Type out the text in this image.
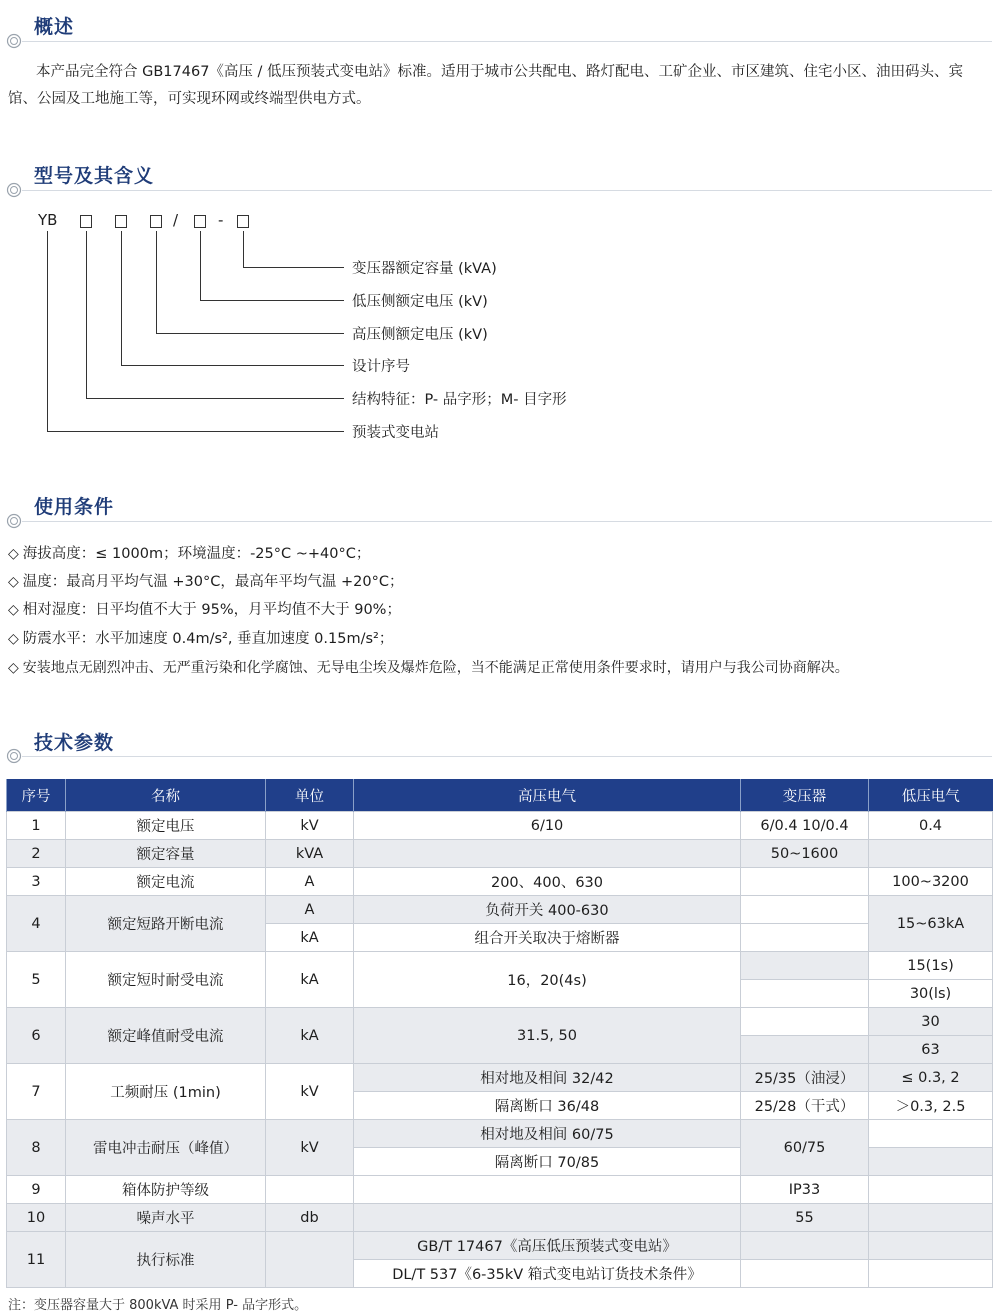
概述
本产品完全符合 GB17467《高压 / 低压预装式变电站》标准。适用于城市公共配电、路灯配电、工矿企业、市区建筑、住宅小区、油田码头、宾馆、公园及工地施工等，可实现环网或终端型供电方式。
型号及其含义
YB	/	-
变压器额定容量 (kVA)
低压侧额定电压 (kV)
高压侧额定电压 (kV)
设计序号
结构特征：P- 品字形；M- 目字形
预装式变电站
使用条件
◇ 海拔高度：≤ 1000m；环境温度：-25°C ~+40°C；
◇ 温度：最高月平均气温 +30°C，最高年平均气温 +20°C；
◇ 相对湿度：日平均值不大于 95%，月平均值不大于 90%；
◇ 防震水平：水平加速度 0.4m/s², 垂直加速度 0.15m/s²；
◇ 安装地点无剧烈冲击、无严重污染和化学腐蚀、无导电尘埃及爆炸危险，当不能满足正常使用条件要求时，请用户与我公司协商解决。
技术参数
序号	名称	单位	高压电气	变压器	低压电气
1	额定电压	kV	6/10	6/0.4 10/0.4	0.4
2	额定容量	kVA		50~1600	
3	额定电流	A	200、400、630		100~3200
4	额定短路开断电流	A	负荷开关 400-630		15~63kA
		kA	组合开关取决于熔断器		
5	额定短时耐受电流	kA	16，20(4s)		15(1s)
					30(ls)
6	额定峰值耐受电流	kA	31.5, 50		30
					63
7	工频耐压 (1min)	kV	相对地及相间 32/42	25/35（油浸）	≤ 0.3, 2
			隔离断口 36/48	25/28（干式）	＞0.3, 2.5
8	雷电冲击耐压（峰值）	kV	相对地及相间 60/75	60/75	
			隔离断口 70/85		
9	箱体防护等级			IP33	
10	噪声水平	db		55	
11	执行标准		GB/T 17467《高压低压预装式变电站》		
			DL/T 537《6-35kV 箱式变电站订货技术条件》		
注：变压器容量大于 800kVA 时采用 P- 品字形式。
